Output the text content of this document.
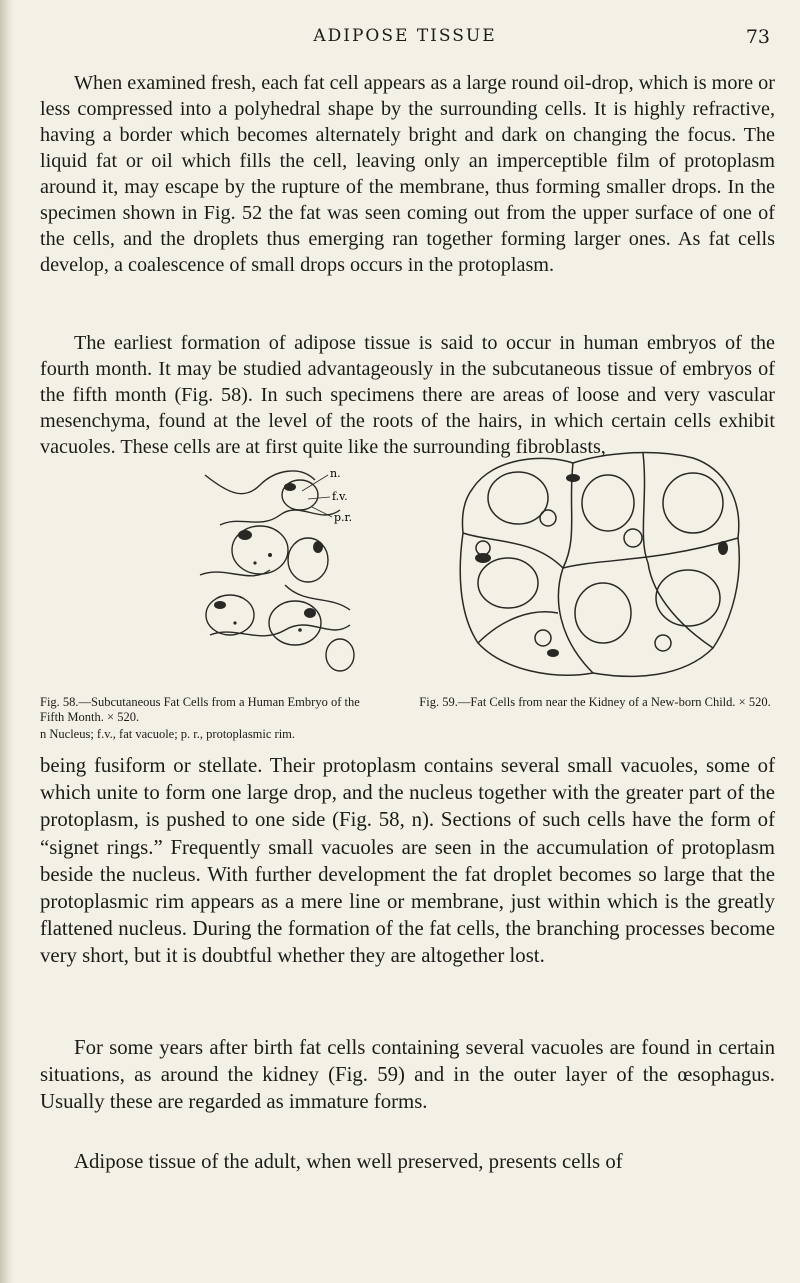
ADIPOSE TISSUE	73

When examined fresh, each fat cell appears as a large round oil-drop, which is more or less compressed into a polyhedral shape by the surrounding cells. It is highly refractive, having a border which becomes alternately bright and dark on changing the focus. The liquid fat or oil which fills the cell, leaving only an imperceptible film of protoplasm around it, may escape by the rupture of the membrane, thus forming smaller drops. In the specimen shown in Fig. 52 the fat was seen coming out from the upper surface of one of the cells, and the droplets thus emerging ran together forming larger ones. As fat cells develop, a coalescence of small drops occurs in the protoplasm.

The earliest formation of adipose tissue is said to occur in human embryos of the fourth month. It may be studied advantageously in the subcutaneous tissue of embryos of the fifth month (Fig. 58). In such specimens there are areas of loose and very vascular mesenchyma, found at the level of the roots of the hairs, in which certain cells exhibit vacuoles. These cells are at first quite like the surrounding fibroblasts,

n.
f.v.
p.r.
Fig. 58.—Subcutaneous Fat Cells from a Human Embryo of the Fifth Month. × 520.
n Nucleus; f.v., fat vacuole; p. r., protoplasmic rim.
Fig. 59.—Fat Cells from near the Kidney of a New-born Child. × 520.

being fusiform or stellate. Their protoplasm contains several small vacuoles, some of which unite to form one large drop, and the nucleus together with the greater part of the protoplasm, is pushed to one side (Fig. 58, n). Sections of such cells have the form of “signet rings.” Frequently small vacuoles are seen in the accumulation of protoplasm beside the nucleus. With further development the fat droplet becomes so large that the protoplasmic rim appears as a mere line or membrane, just within which is the greatly flattened nucleus. During the formation of the fat cells, the branching processes become very short, but it is doubtful whether they are altogether lost.

For some years after birth fat cells containing several vacuoles are found in certain situations, as around the kidney (Fig. 59) and in the outer layer of the œsophagus. Usually these are regarded as immature forms.

Adipose tissue of the adult, when well preserved, presents cells of
